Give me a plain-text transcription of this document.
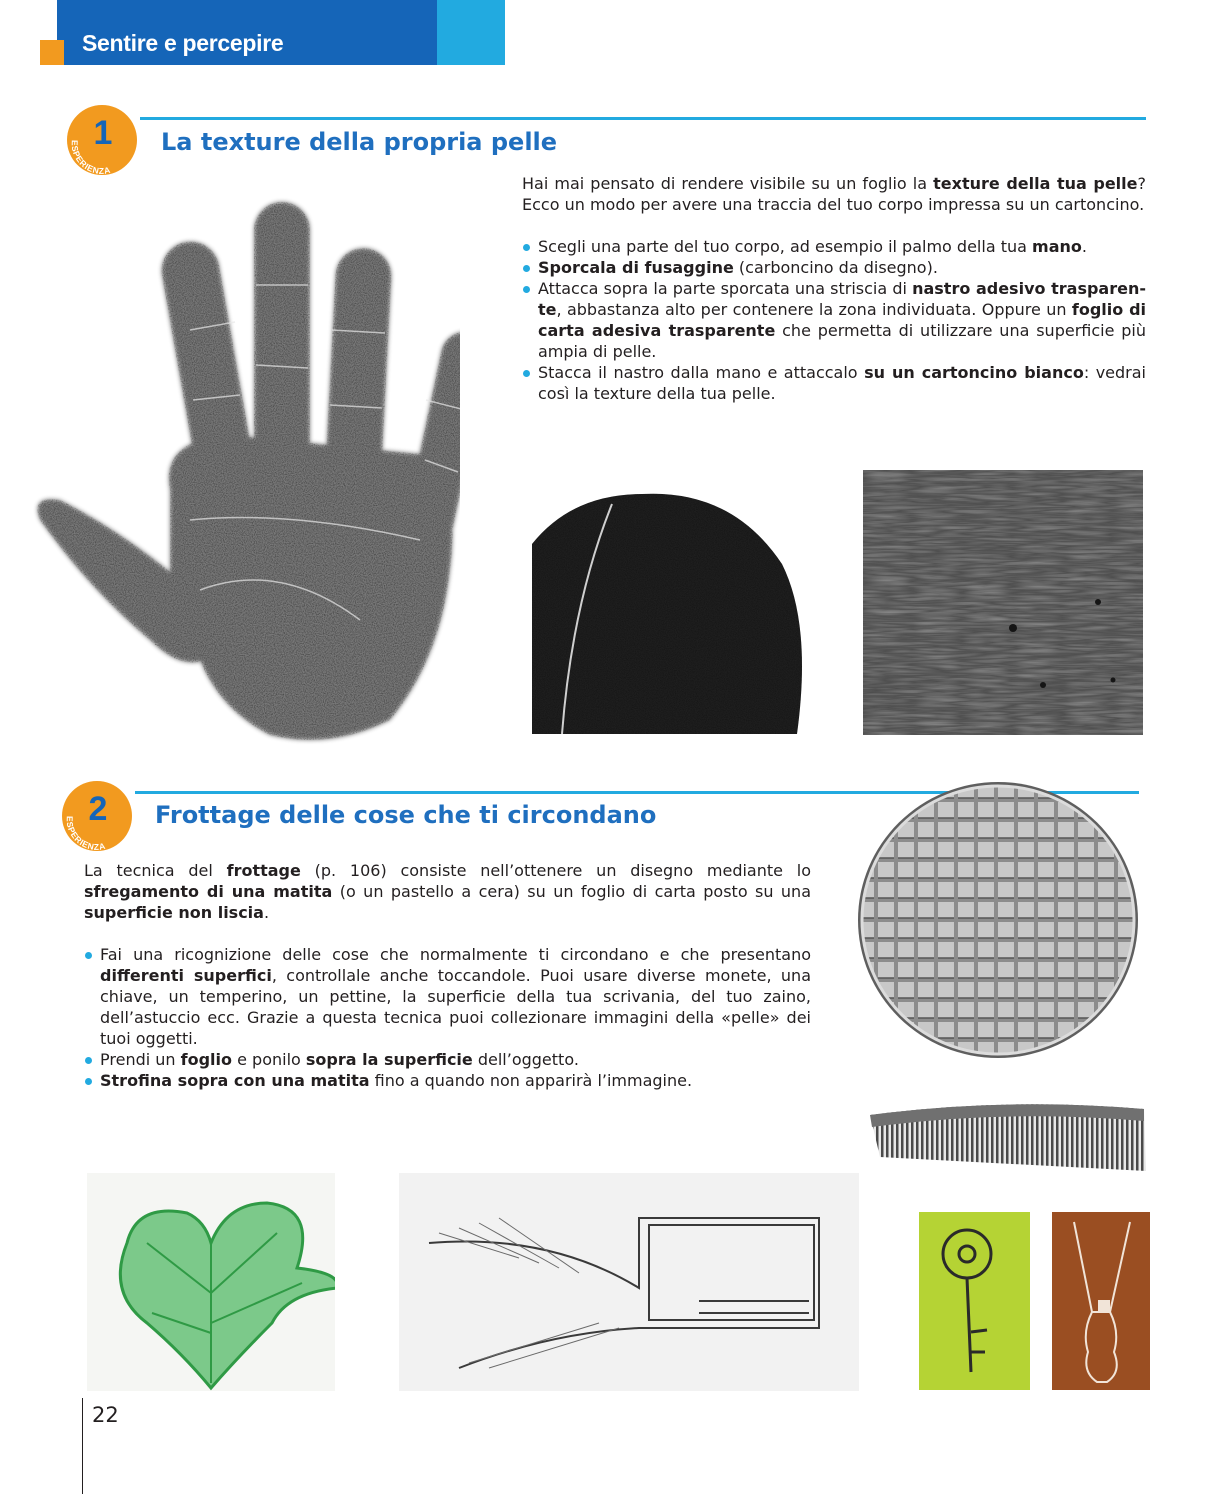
Sentire e percepire
1
ESPERIENZA
La texture della propria pelle

Hai mai pensato di rendere visibile su un foglio la texture della tua pelle? Ecco un modo per avere una traccia del tuo corpo impressa su un cartoncino.

Scegli una parte del tuo corpo, ad esempio il palmo della tua mano.
Sporcala di fusaggine (carboncino da disegno).
Attacca sopra la parte sporcata una striscia di nastro adesivo trasparente, abbastanza alto per contenere la zona individuata. Oppure un foglio di carta adesiva trasparente che permetta di utilizzare una superficie più ampia di pelle.
Stacca il nastro dalla mano e attaccalo su un cartoncino bianco: vedrai così la texture della tua pelle.
2
ESPERIENZA
Frottage delle cose che ti circondano

La tecnica del frottage (p. 106) consiste nell’ottenere un disegno mediante lo sfregamento di una matita (o un pastello a cera) su un foglio di carta posto su una superficie non liscia.

Fai una ricognizione delle cose che normalmente ti circondano e che presentano differenti superfici, controllale anche toccandole. Puoi usare diverse monete, una chiave, un temperino, un pettine, la superficie della tua scrivania, del tuo zaino, dell’astuccio ecc. Grazie a questa tecnica puoi collezionare immagini della «pelle» dei tuoi oggetti.
Prendi un foglio e ponilo sopra la superficie dell’oggetto.
Strofina sopra con una matita fino a quando non apparirà l’immagine.
22
